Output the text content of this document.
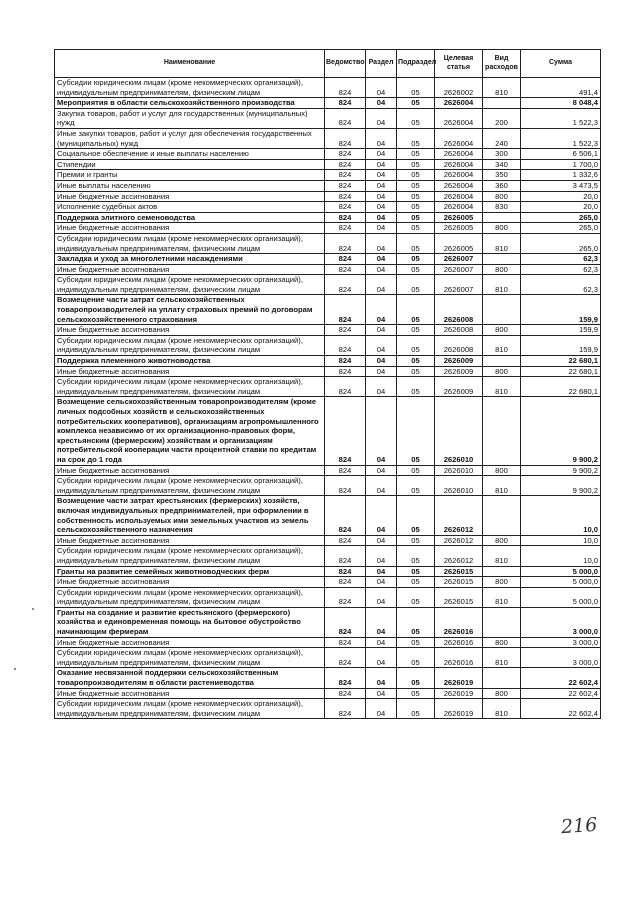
Наименование	Ведомство	Раздел	Подраздел	Целевая статья	Вид расходов	Сумма
Субсидии юридическим лицам (кроме некоммерческих организаций), индивидуальным предпринимателям, физическим лицам	824	04	05	2626002	810	491,4
Мероприятия в области сельскохозяйственного производства	824	04	05	2626004		8 048,4
Закупка товаров, работ и услуг для государственных (муниципальных) нужд	824	04	05	2626004	200	1 522,3
Иные закупки товаров, работ и услуг для обеспечения государственных (муниципальных) нужд	824	04	05	2626004	240	1 522,3
Социальное обеспечение и иные выплаты населению	824	04	05	2626004	300	6 506,1
Стипендии	824	04	05	2626004	340	1 700,0
Премии и гранты	824	04	05	2626004	350	1 332,6
Иные выплаты населению	824	04	05	2626004	360	3 473,5
Иные бюджетные ассигнования	824	04	05	2626004	800	20,0
Исполнение судебных актов	824	04	05	2626004	830	20,0
Поддержка элитного семеноводства	824	04	05	2626005		265,0
Иные бюджетные ассигнования	824	04	05	2626005	800	265,0
Субсидии юридическим лицам (кроме некоммерческих организаций), индивидуальным предпринимателям, физическим лицам	824	04	05	2626005	810	265,0
Закладка и уход за многолетними насаждениями	824	04	05	2626007		62,3
Иные бюджетные ассигнования	824	04	05	2626007	800	62,3
Субсидии юридическим лицам (кроме некоммерческих организаций), индивидуальным предпринимателям, физическим лицам	824	04	05	2626007	810	62,3
Возмещение части затрат сельскохозяйственных товаропроизводителей на уплату страховых премий по договорам сельскохозяйственного страхования	824	04	05	2626008		159,9
Иные бюджетные ассигнования	824	04	05	2626008	800	159,9
Субсидии юридическим лицам (кроме некоммерческих организаций), индивидуальным предпринимателям, физическим лицам	824	04	05	2626008	810	159,9
Поддержка племенного животноводства	824	04	05	2626009		22 680,1
Иные бюджетные ассигнования	824	04	05	2626009	800	22 680,1
Субсидии юридическим лицам (кроме некоммерческих организаций), индивидуальным предпринимателям, физическим лицам	824	04	05	2626009	810	22 680,1
Возмещение сельскохозяйственным товаропроизводителям (кроме личных подсобных хозяйств и сельскохозяйственных потребительских кооперативов), организациям агропромышленного комплекса независимо от их организационно-правовых форм, крестьянским (фермерским) хозяйствам и организациям потребительской кооперации части процентной ставки по кредитам на срок до 1 года	824	04	05	2626010		9 900,2
Иные бюджетные ассигнования	824	04	05	2626010	800	9 900,2
Субсидии юридическим лицам (кроме некоммерческих организаций), индивидуальным предпринимателям, физическим лицам	824	04	05	2626010	810	9 900,2
Возмещение части затрат крестьянских (фермерских) хозяйств, включая индивидуальных предпринимателей, при оформлении в собственность используемых ими земельных участков из земель сельскохозяйственного назначения	824	04	05	2626012		10,0
Иные бюджетные ассигнования	824	04	05	2626012	800	10,0
Субсидии юридическим лицам (кроме некоммерческих организаций), индивидуальным предпринимателям, физическим лицам	824	04	05	2626012	810	10,0
Гранты на развитие семейных животноводческих ферм	824	04	05	2626015		5 000,0
Иные бюджетные ассигнования	824	04	05	2626015	800	5 000,0
Субсидии юридическим лицам (кроме некоммерческих организаций), индивидуальным предпринимателям, физическим лицам	824	04	05	2626015	810	5 000,0
Гранты на создание и развитие крестьянского (фермерского) хозяйства и единовременная помощь на бытовое обустройство начинающим фермерам	824	04	05	2626016		3 000,0
Иные бюджетные ассигнования	824	04	05	2626016	800	3 000,0
Субсидии юридическим лицам (кроме некоммерческих организаций), индивидуальным предпринимателям, физическим лицам	824	04	05	2626016	810	3 000,0
Оказание несвязанной поддержки сельскохозяйственным товаропроизводителям в области растениеводства	824	04	05	2626019		22 602,4
Иные бюджетные ассигнования	824	04	05	2626019	800	22 602,4
Субсидии юридическим лицам (кроме некоммерческих организаций), индивидуальным предпринимателям, физическим лицам	824	04	05	2626019	810	22 602,4
216
